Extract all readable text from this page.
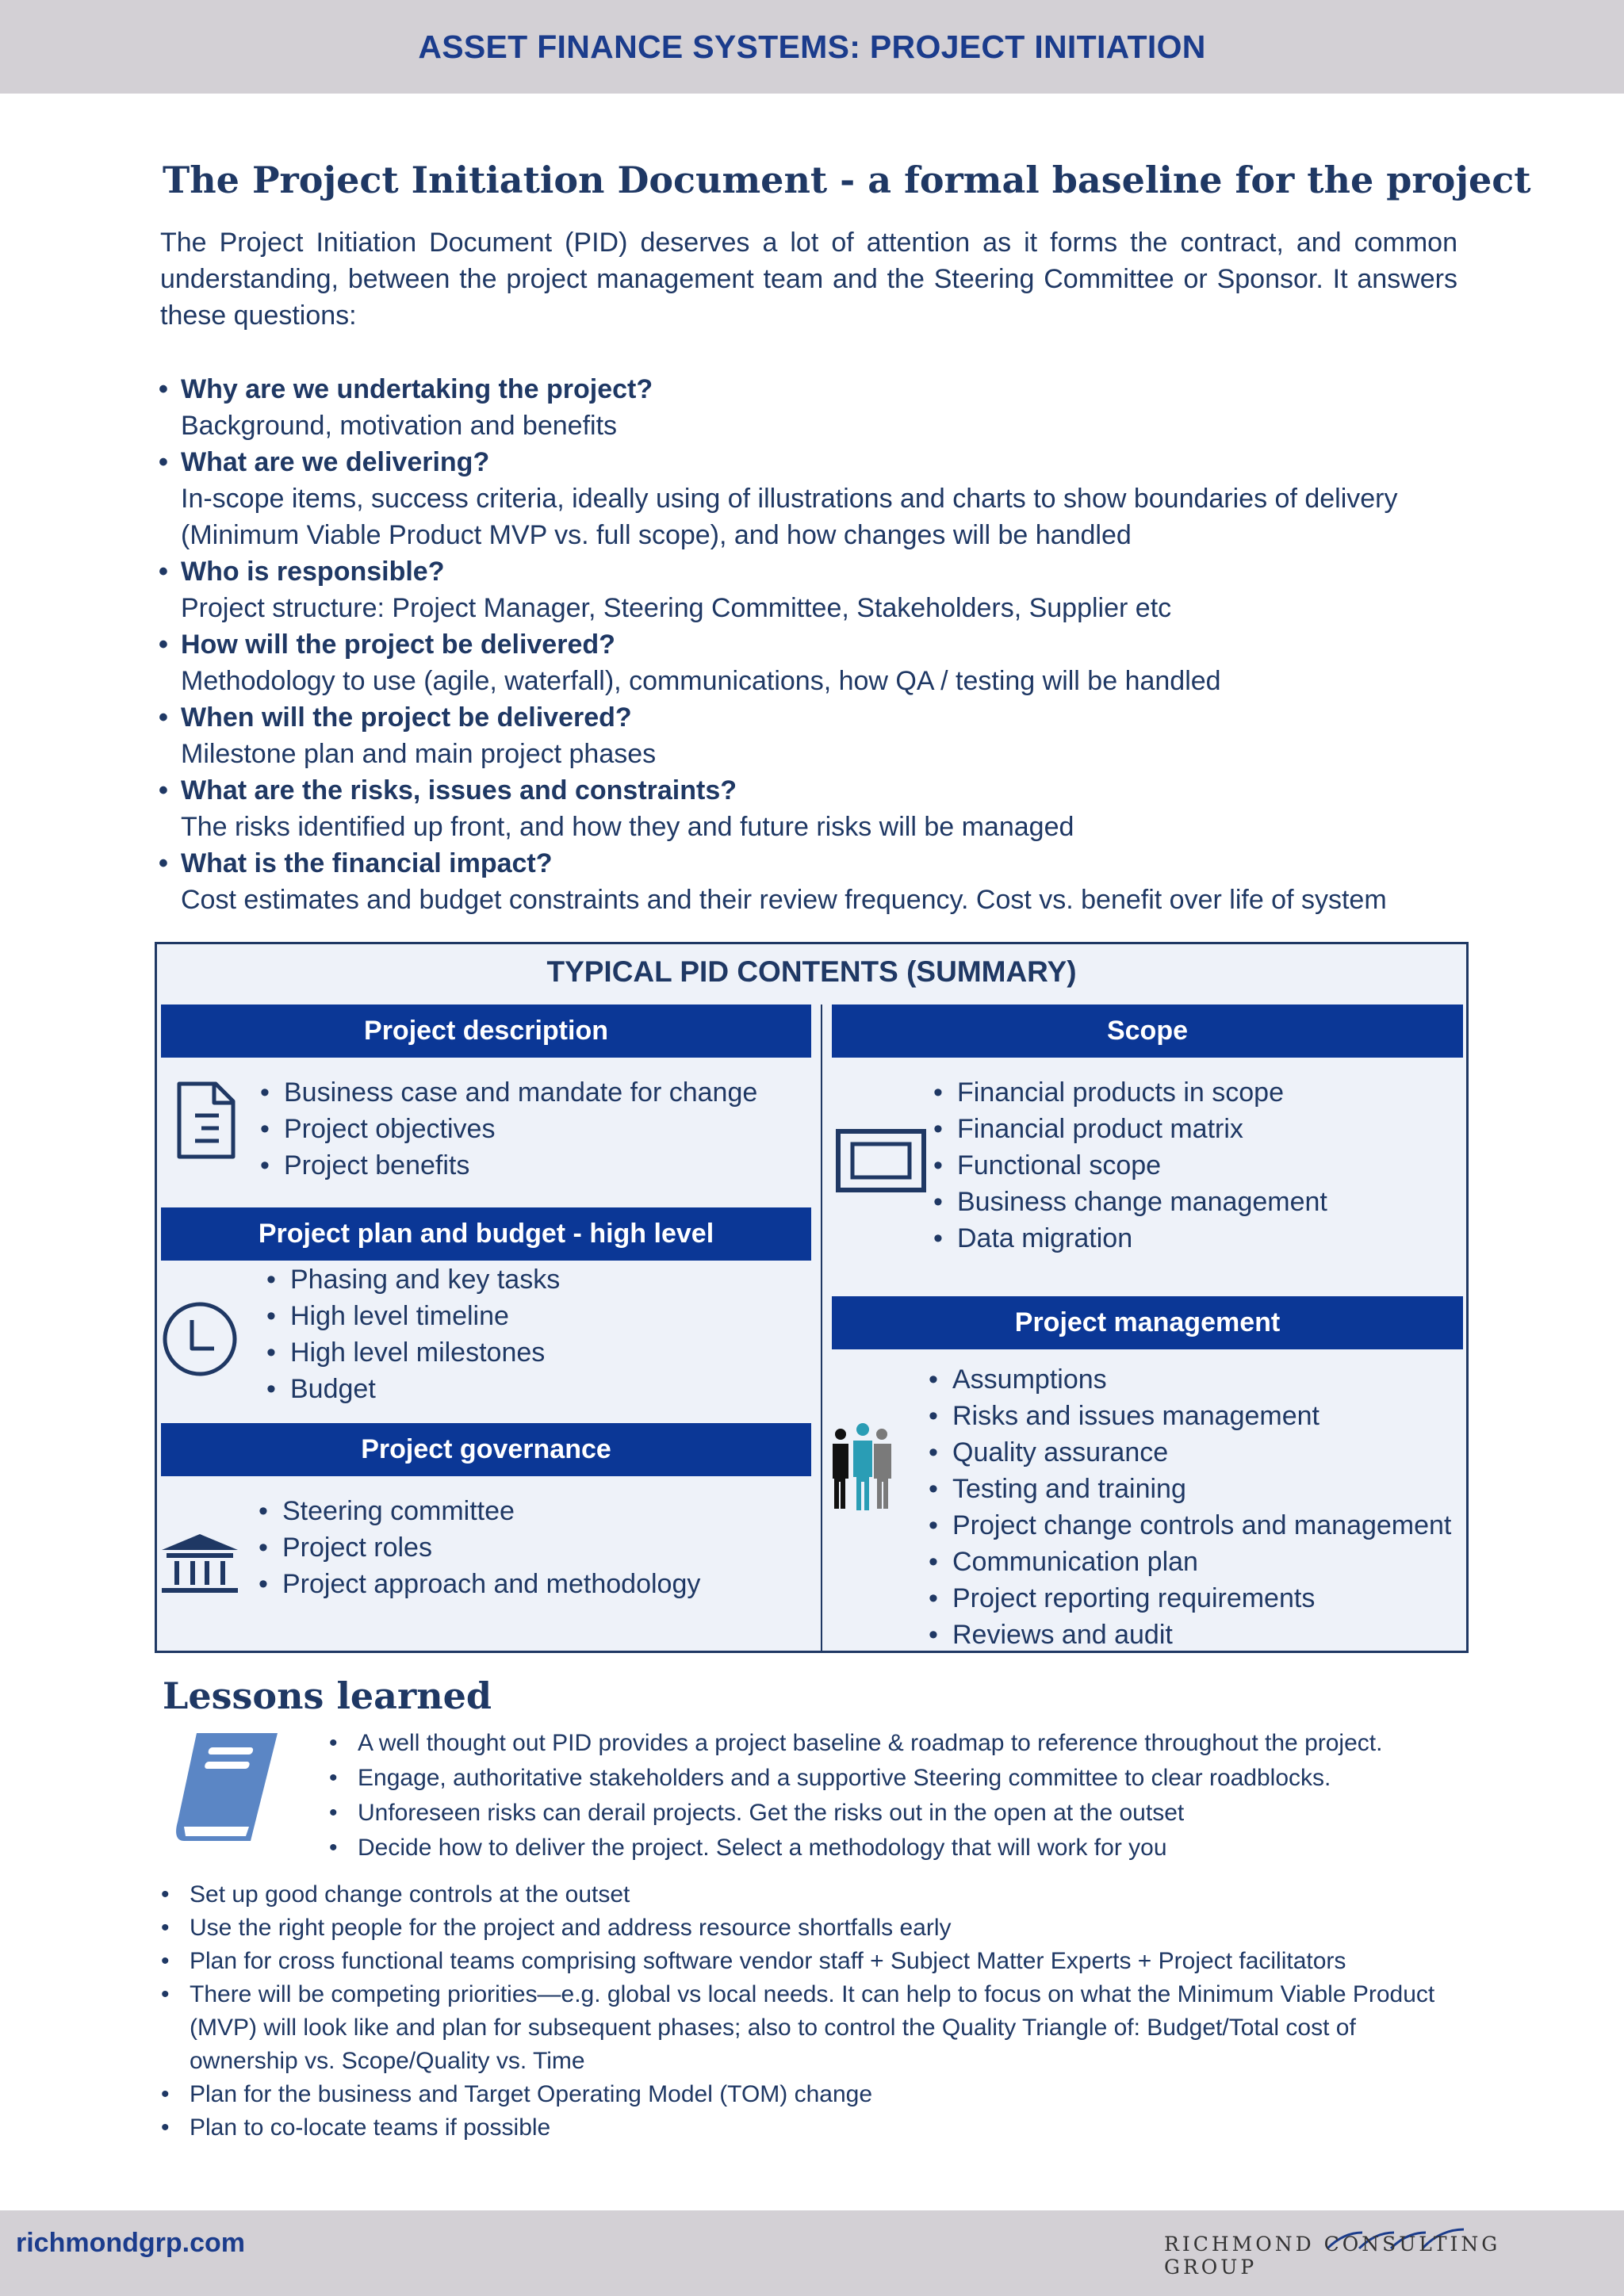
ASSET FINANCE SYSTEMS: PROJECT INITIATION
The Project Initiation Document - a formal baseline for the project

The Project Initiation Document (PID) deserves a lot of attention as it forms the contract, and common understanding, between the project management team and the Steering Committee or Sponsor. It answers these questions:

• Why are we undertaking the project?
Background, motivation and benefits
• What are we delivering?
In-scope items, success criteria, ideally using of illustrations and charts to show boundaries of delivery (Minimum Viable Product MVP vs. full scope), and how changes will be handled
• Who is responsible?
Project structure: Project Manager, Steering Committee, Stakeholders, Supplier etc
• How will the project be delivered?
Methodology to use (agile, waterfall), communications, how QA / testing will be handled
• When will the project be delivered?
Milestone plan and main project phases
• What are the risks, issues and constraints?
The risks identified up front, and how they and future risks will be managed
• What is the financial impact?
Cost estimates and budget constraints and their review frequency. Cost vs. benefit over life of system
TYPICAL PID CONTENTS (SUMMARY)
Project description
• Business case and mandate for change
• Project objectives
• Project benefits
Project plan and budget - high level
• Phasing and key tasks
• High level timeline
• High level milestones
• Budget
Project governance
• Steering committee
• Project roles
• Project approach and methodology
Scope
• Financial products in scope
• Financial product matrix
• Functional scope
• Business change management
• Data migration
Project management
• Assumptions
• Risks and issues management
• Quality assurance
• Testing and training
• Project change controls and management
• Communication plan
• Project reporting requirements
• Reviews and audit
Lessons learned
• A well thought out PID provides a project baseline & roadmap to reference throughout the project.
• Engage, authoritative stakeholders and a supportive Steering committee to clear roadblocks.
• Unforeseen risks can derail projects. Get the risks out in the open at the outset
• Decide how to deliver the project. Select a methodology that will work for you
• Set up good change controls at the outset
• Use the right people for the project and address resource shortfalls early
• Plan for cross functional teams comprising software vendor staff + Subject Matter Experts + Project facilitators
• There will be competing priorities—e.g. global vs local needs. It can help to focus on what the Minimum Viable Product (MVP) will look like and plan for subsequent phases; also to control the Quality Triangle of: Budget/Total cost of ownership vs. Scope/Quality vs. Time
• Plan for the business and Target Operating Model (TOM) change
• Plan to co-locate teams if possible
richmondgrp.com	RICHMOND CONSULTING GROUP
